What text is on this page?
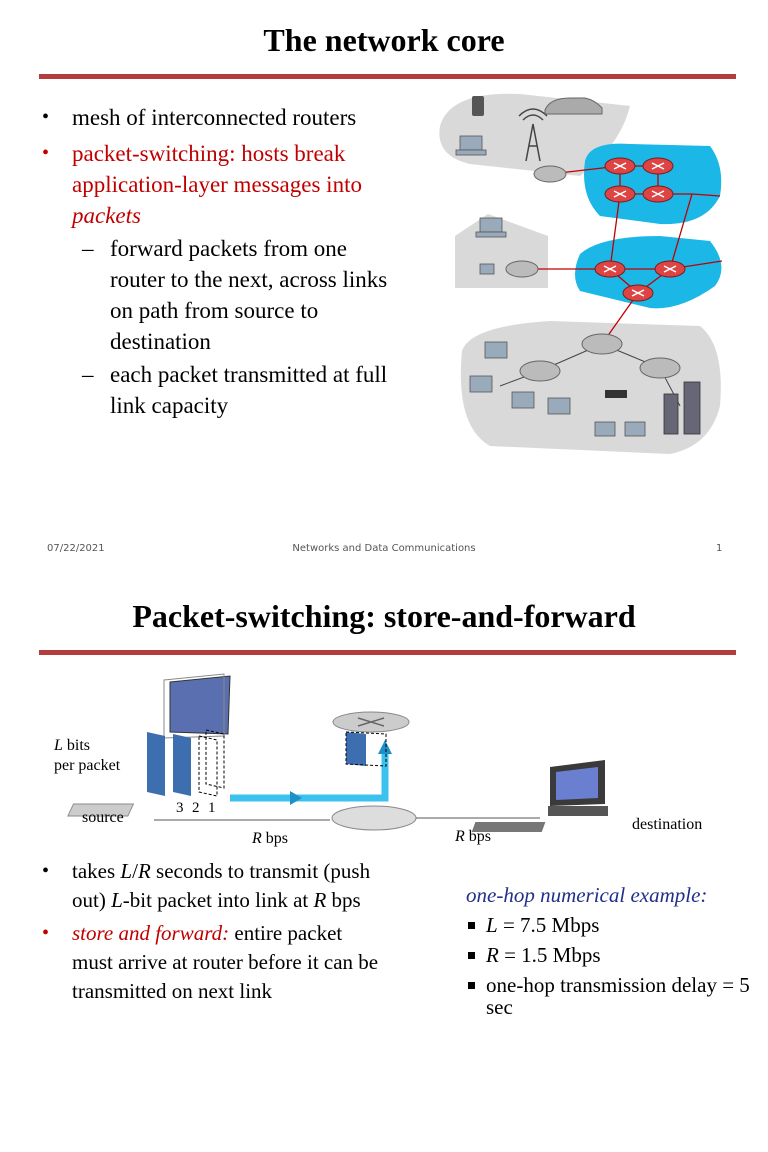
The network core
• mesh of interconnected routers
• packet-switching: hosts break application-layer messages into packets
– forward packets from one router to the next, across links on path from source to destination
– each packet transmitted at full link capacity
07/22/2021	Networks and Data Communications	1
Packet-switching: store-and-forward
L bits
per packet
3 2 1
source
R bps	R bps
destination
• takes L/R seconds to transmit (push out) L-bit packet into link at R bps
• store and forward: entire packet must arrive at router before it can be transmitted on next link
one-hop numerical example:
L = 7.5 Mbps
R = 1.5 Mbps
one-hop transmission delay = 5 sec
